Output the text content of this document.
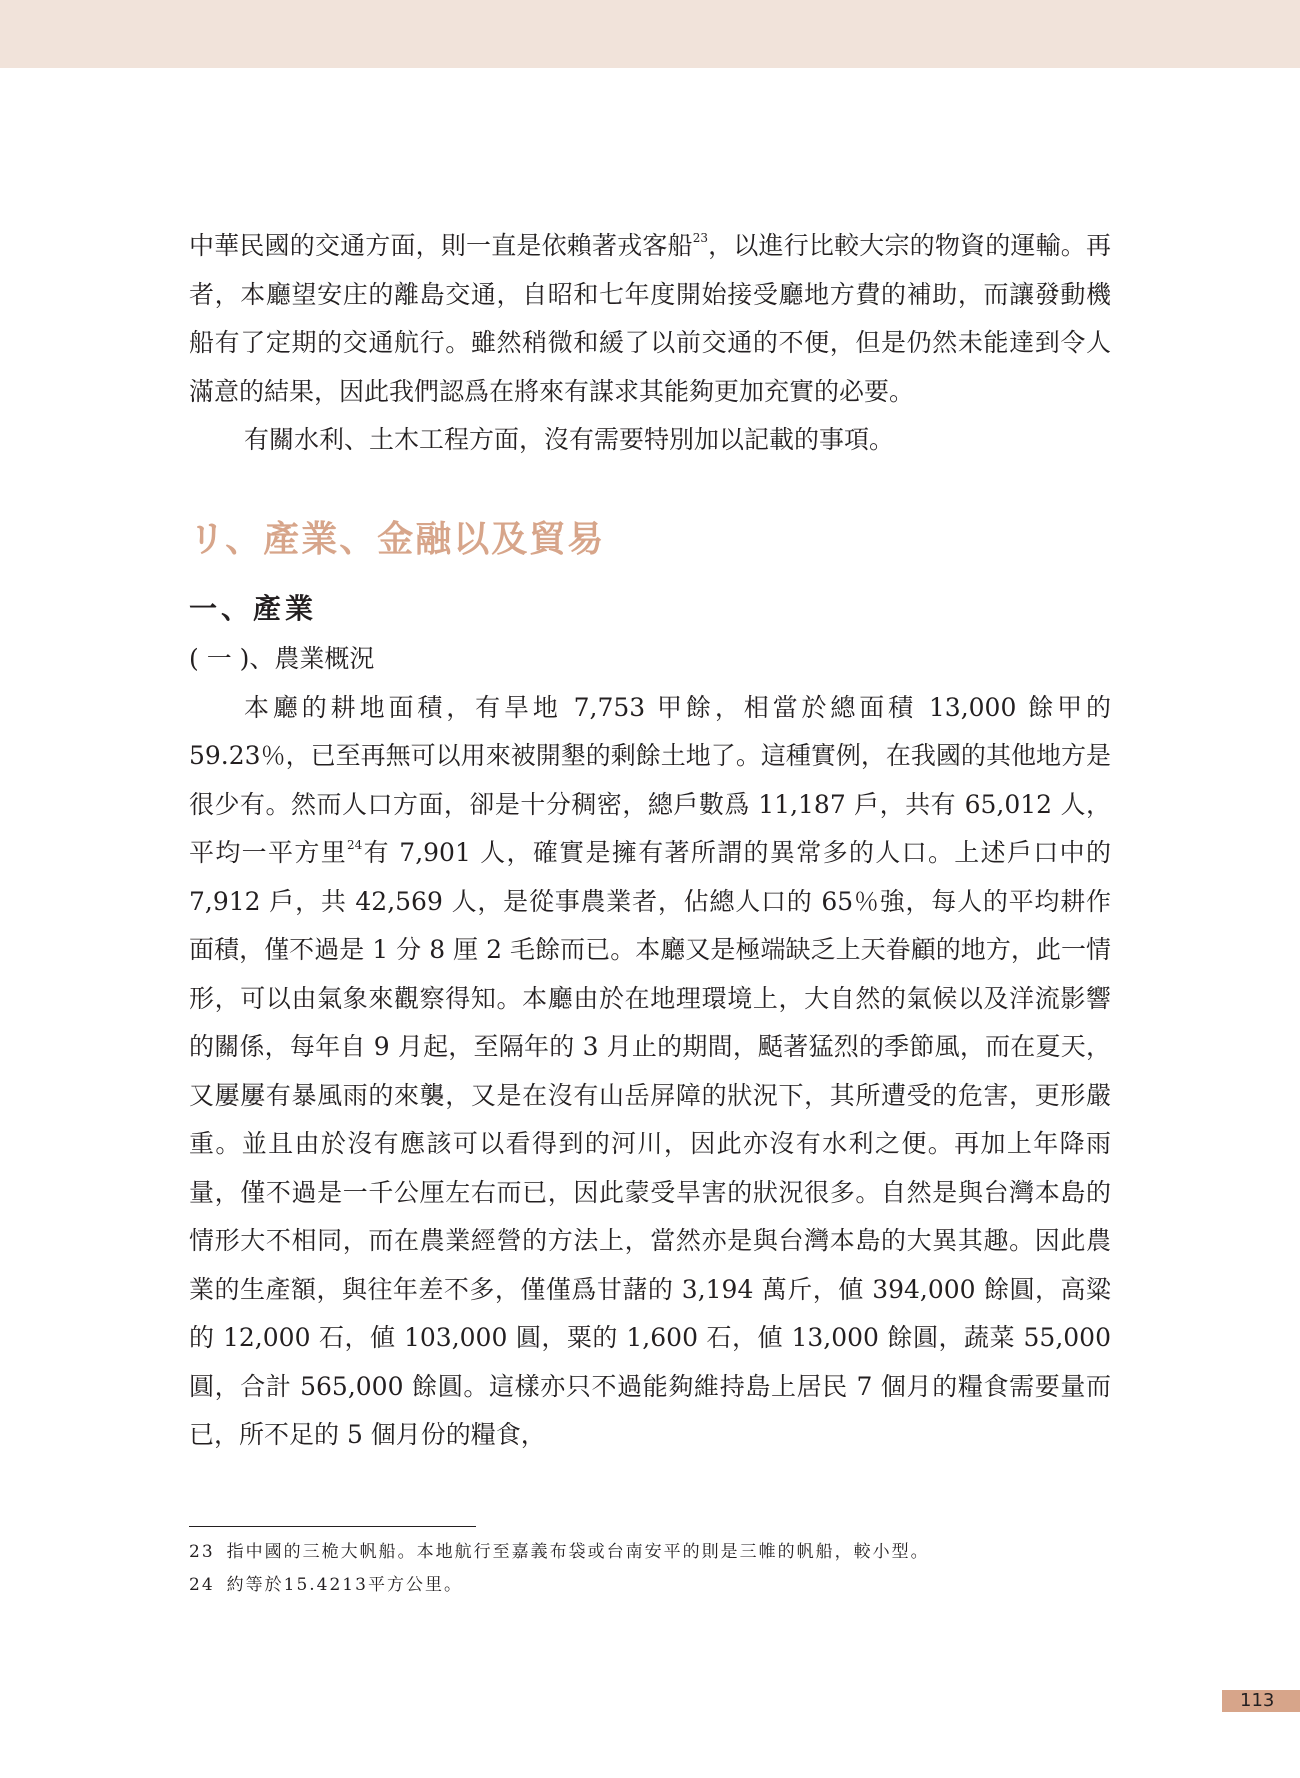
中華民國的交通方面，則一直是依賴著戎客船$^{23}$，以進行比較大宗的物資的運輸。再者，本廳望安庄的離島交通，自昭和七年度開始接受廳地方費的補助，而讓發動機船有了定期的交通航行。雖然稍微和緩了以前交通的不便，但是仍然未能達到令人滿意的結果，因此我們認爲在將來有謀求其能夠更加充實的必要。

有關水利、土木工程方面，沒有需要特別加以記載的事項。

リ、產業、金融以及貿易
一、產業
( 一 )、農業概況

本廳的耕地面積，有旱地 7,753 甲餘，相當於總面積 13,000 餘甲的 59.23％，已至再無可以用來被開墾的剩餘土地了。這種實例，在我國的其他地方是很少有。然而人口方面，卻是十分稠密，總戶數爲 11,187 戶，共有 65,012 人，平均一平方里$^{24}$有 7,901 人，確實是擁有著所謂的異常多的人口。上述戶口中的 7,912 戶，共 42,569 人，是從事農業者，佔總人口的 65％強，每人的平均耕作面積，僅不過是 1 分 8 厘 2 毛餘而已。本廳又是極端缺乏上天眷顧的地方，此一情形，可以由氣象來觀察得知。本廳由於在地理環境上，大自然的氣候以及洋流影響的關係，每年自 9 月起，至隔年的 3 月止的期間，颳著猛烈的季節風，而在夏天，又屢屢有暴風雨的來襲，又是在沒有山岳屏障的狀況下，其所遭受的危害，更形嚴重。並且由於沒有應該可以看得到的河川，因此亦沒有水利之便。再加上年降雨量，僅不過是一千公厘左右而已，因此蒙受旱害的狀況很多。自然是與台灣本島的情形大不相同，而在農業經營的方法上，當然亦是與台灣本島的大異其趣。因此農業的生產額，與往年差不多，僅僅爲甘藷的 3,194 萬斤，値 394,000 餘圓，高粱的 12,000 石，値 103,000 圓，粟的 1,600 石，値 13,000 餘圓，蔬菜 55,000 圓，合計 565,000 餘圓。這樣亦只不過能夠維持島上居民 7 個月的糧食需要量而已，所不足的 5 個月份的糧食，

23 指中國的三桅大帆船。本地航行至嘉義布袋或台南安平的則是三帷的帆船，較小型。

24 約等於15.4213平方公里。

113
